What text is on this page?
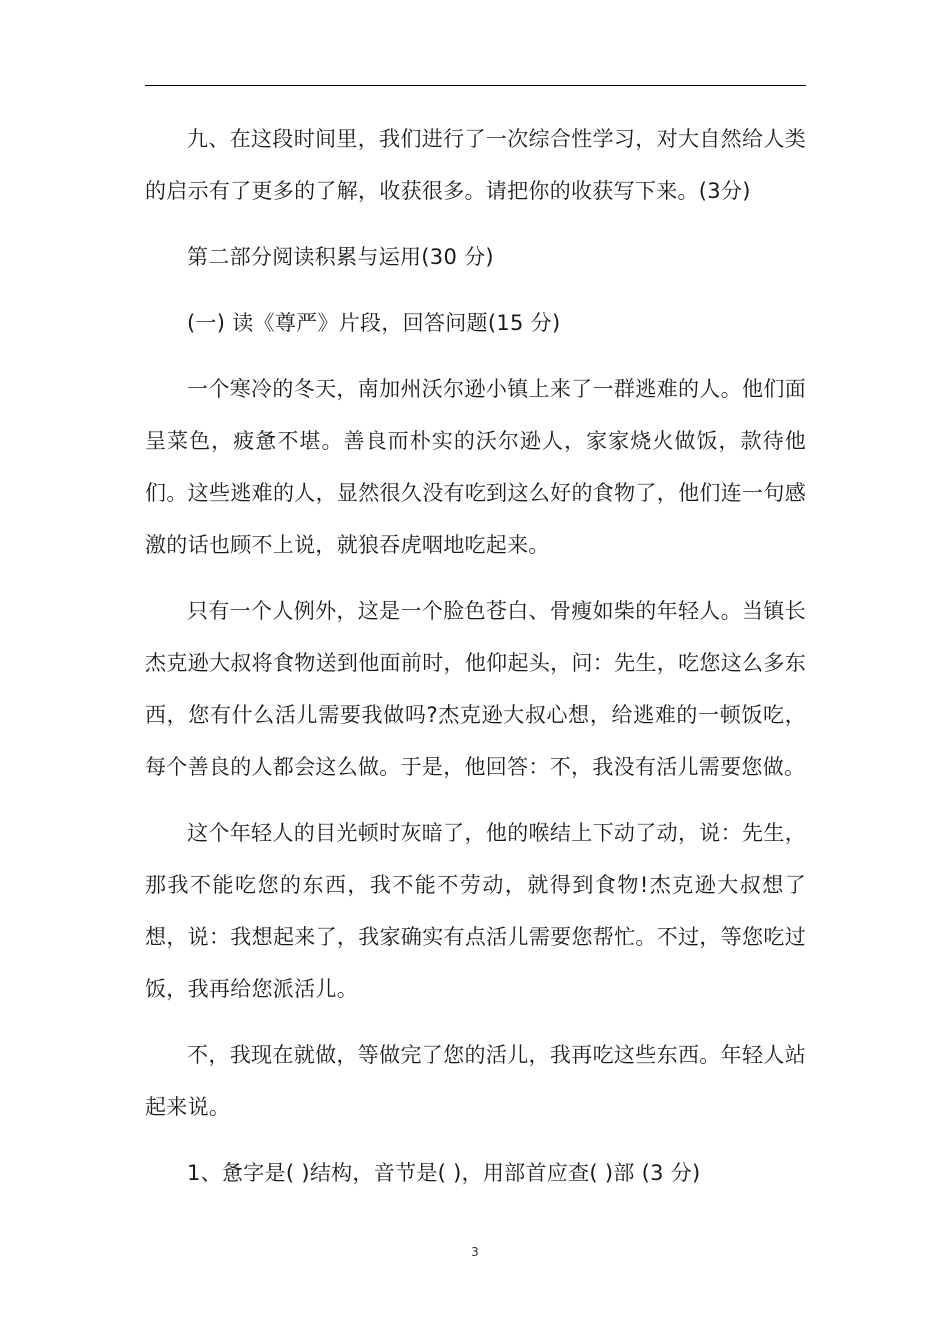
九、在这段时间里，我们进行了一次综合性学习，对大自然给人类的启示有了更多的了解，收获很多。请把你的收获写下来。(3分)

第二部分阅读积累与运用(30 分)

(一) 读《尊严》片段，回答问题(15 分)

一个寒冷的冬天，南加州沃尔逊小镇上来了一群逃难的人。他们面呈菜色，疲惫不堪。善良而朴实的沃尔逊人，家家烧火做饭，款待他们。这些逃难的人，显然很久没有吃到这么好的食物了，他们连一句感激的话也顾不上说，就狼吞虎咽地吃起来。

只有一个人例外，这是一个脸色苍白、骨瘦如柴的年轻人。当镇长杰克逊大叔将食物送到他面前时，他仰起头，问：先生，吃您这么多东西，您有什么活儿需要我做吗?杰克逊大叔心想，给逃难的一顿饭吃，每个善良的人都会这么做。于是，他回答：不，我没有活儿需要您做。

这个年轻人的目光顿时灰暗了，他的喉结上下动了动，说：先生，那我不能吃您的东西，我不能不劳动，就得到食物!杰克逊大叔想了想，说：我想起来了，我家确实有点活儿需要您帮忙。不过，等您吃过饭，我再给您派活儿。

不，我现在就做，等做完了您的活儿，我再吃这些东西。年轻人站起来说。

1、惫字是( )结构，音节是( )，用部首应查( )部 (3 分)

3
